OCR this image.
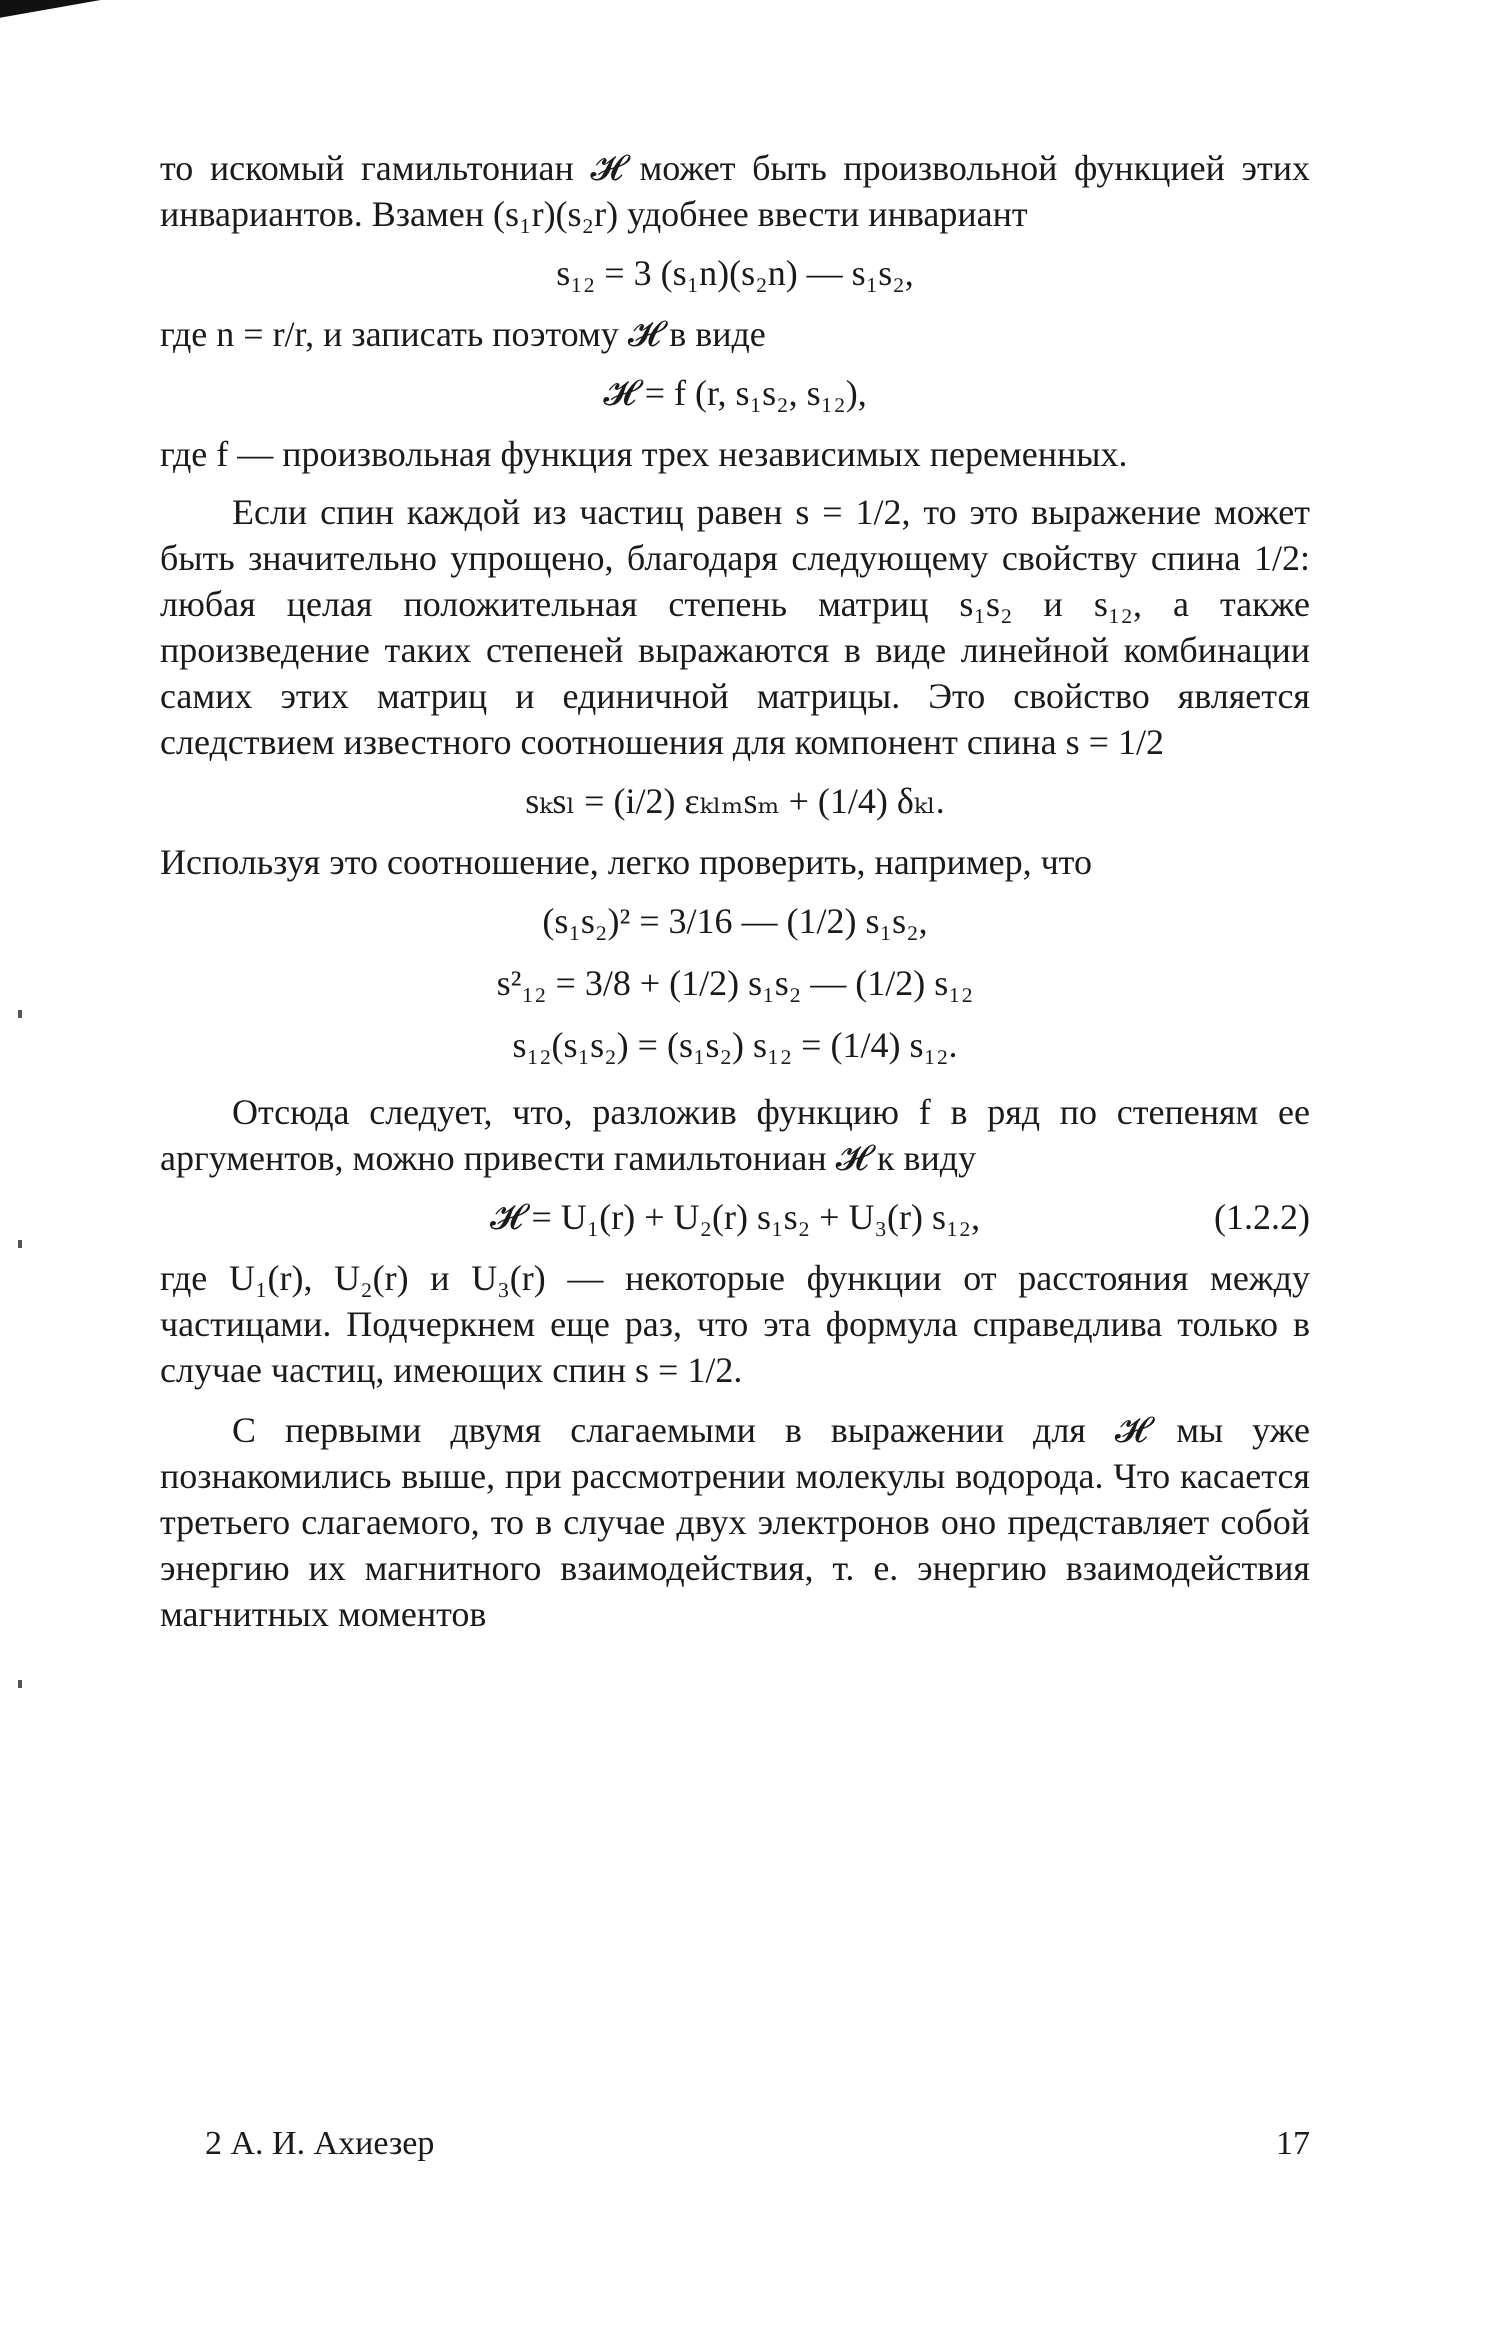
то искомый гамильтониан 𝓗 может быть произвольной функцией этих инвариантов. Взамен (s₁r)(s₂r) удобнее ввести инвариант

s₁₂ = 3 (s₁n)(s₂n) — s₁s₂,

где n = r/r, и записать поэтому 𝓗 в виде

𝓗 = f (r, s₁s₂, s₁₂),

где f — произвольная функция трех независимых переменных.

Если спин каждой из частиц равен s = 1/2, то это выражение может быть значительно упрощено, благодаря следующему свойству спина 1/2: любая целая положительная степень матриц s₁s₂ и s₁₂, а также произведение таких степеней выражаются в виде линейной комбинации самих этих матриц и единичной матрицы. Это свойство является следствием известного соотношения для компонент спина s = 1/2

sₖsₗ = (i/2) εₖₗₘsₘ + (1/4) δₖₗ.

Используя это соотношение, легко проверить, например, что

(s₁s₂)² = 3/16 — (1/2) s₁s₂,
s²₁₂ = 3/8 + (1/2) s₁s₂ — (1/2) s₁₂
s₁₂(s₁s₂) = (s₁s₂) s₁₂ = (1/4) s₁₂.

Отсюда следует, что, разложив функцию f в ряд по степеням ее аргументов, можно привести гамильтониан 𝓗 к виду

𝓗 = U₁(r) + U₂(r) s₁s₂ + U₃(r) s₁₂,	(1.2.2)

где U₁(r), U₂(r) и U₃(r) — некоторые функции от расстояния между частицами. Подчеркнем еще раз, что эта формула справедлива только в случае частиц, имеющих спин s = 1/2.

С первыми двумя слагаемыми в выражении для 𝓗 мы уже познакомились выше, при рассмотрении молекулы водорода. Что касается третьего слагаемого, то в случае двух электронов оно представляет собой энергию их магнитного взаимодействия, т. е. энергию взаимодействия магнитных моментов

2 А. И. Ахиезер	17
